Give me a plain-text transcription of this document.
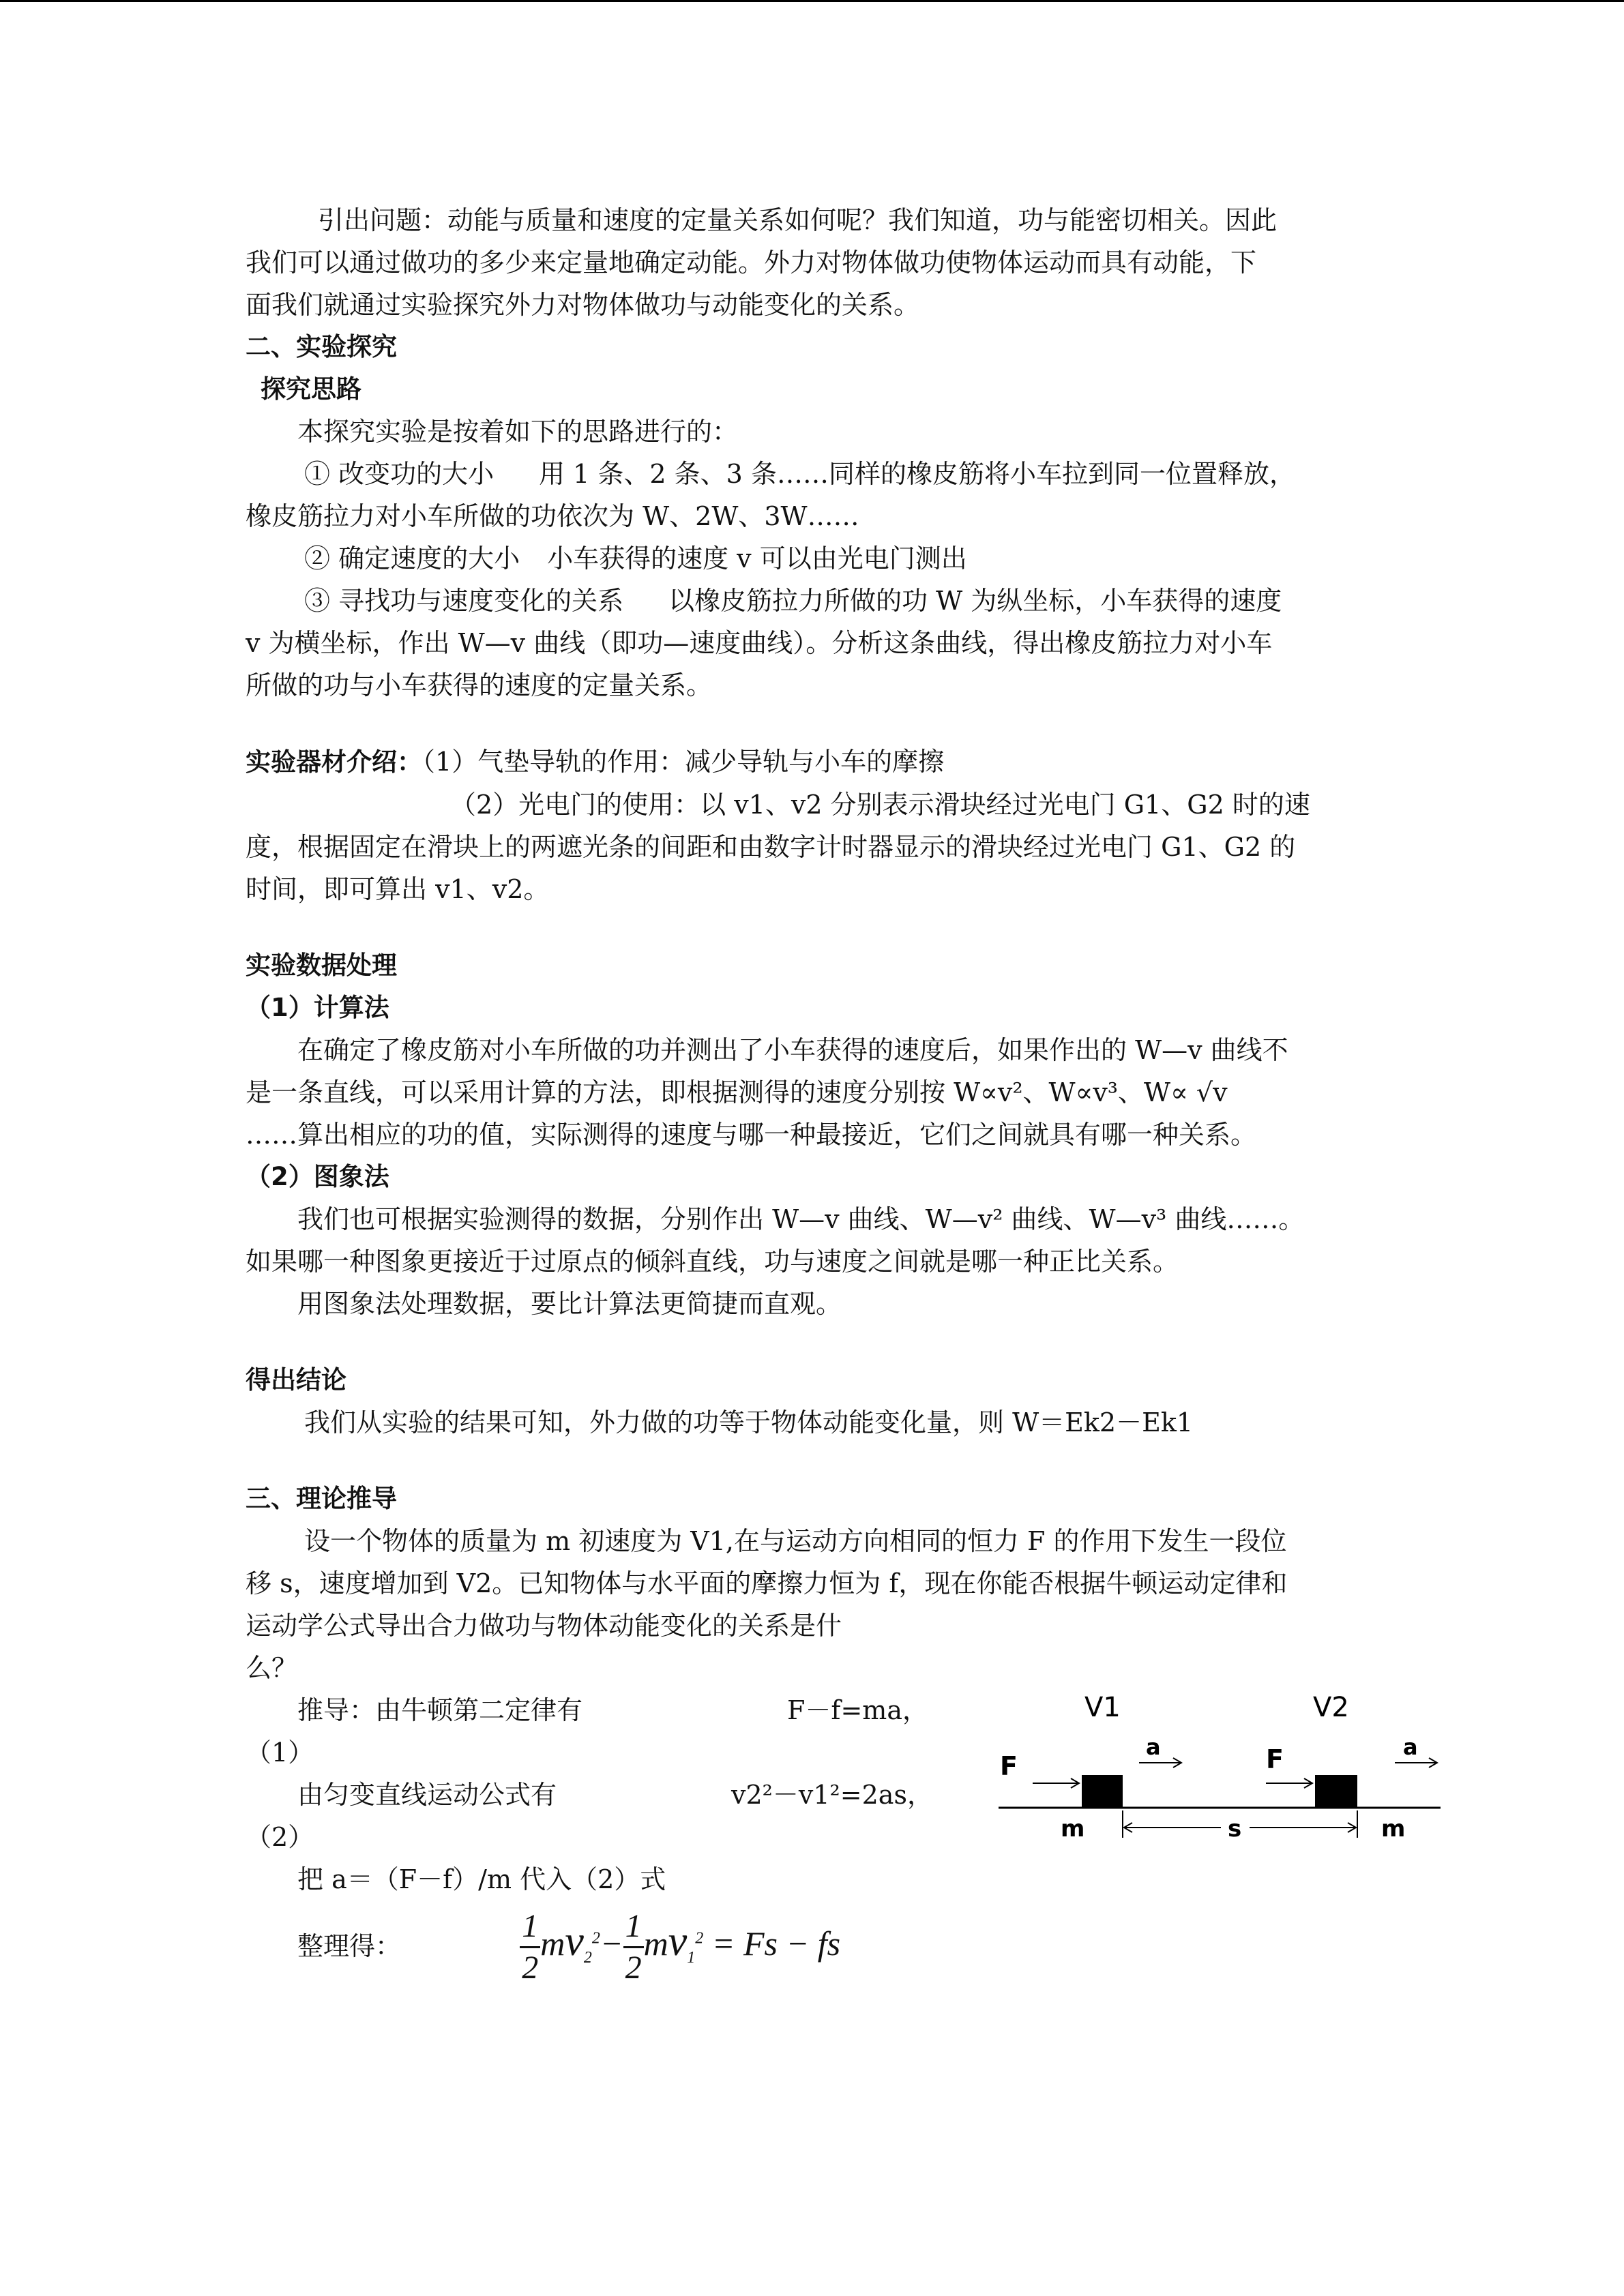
引出问题：动能与质量和速度的定量关系如何呢？我们知道，功与能密切相关。因此

我们可以通过做功的多少来定量地确定动能。外力对物体做功使物体运动而具有动能，下

面我们就通过实验探究外力对物体做功与动能变化的关系。

二、实验探究

探究思路

本探究实验是按着如下的思路进行的：

① 改变功的大小 用 1 条、2 条、3 条……同样的橡皮筋将小车拉到同一位置释放，

橡皮筋拉力对小车所做的功依次为 W、2W、3W……

② 确定速度的大小 小车获得的速度 v 可以由光电门测出

③ 寻找功与速度变化的关系 以橡皮筋拉力所做的功 W 为纵坐标，小车获得的速度

v 为横坐标，作出 W—v 曲线（即功—速度曲线）。分析这条曲线，得出橡皮筋拉力对小车

所做的功与小车获得的速度的定量关系。

实验器材介绍：（1）气垫导轨的作用：减少导轨与小车的摩擦

（2）光电门的使用：以 v1、v2 分别表示滑块经过光电门 G1、G2 时的速

度，根据固定在滑块上的两遮光条的间距和由数字计时器显示的滑块经过光电门 G1、G2 的

时间，即可算出 v1、v2。

实验数据处理

（1）计算法

在确定了橡皮筋对小车所做的功并测出了小车获得的速度后，如果作出的 W—v 曲线不

是一条直线，可以采用计算的方法，即根据测得的速度分别按 W∝v²、W∝v³、W∝ √v

……算出相应的功的值，实际测得的速度与哪一种最接近，它们之间就具有哪一种关系。

（2）图象法

我们也可根据实验测得的数据，分别作出 W—v 曲线、W—v² 曲线、W—v³ 曲线……。

如果哪一种图象更接近于过原点的倾斜直线，功与速度之间就是哪一种正比关系。

用图象法处理数据，要比计算法更简捷而直观。

得出结论

我们从实验的结果可知，外力做的功等于物体动能变化量，则 W＝Ek2－Ek1

三、理论推导

设一个物体的质量为 m 初速度为 V1,在与运动方向相同的恒力 F 的作用下发生一段位

移 s，速度增加到 V2。已知物体与水平面的摩擦力恒为 f，现在你能否根据牛顿运动定律和

运动学公式导出合力做功与物体动能变化的关系是什

么？

推导：由牛顿第二定律有	F－f=ma，

（1）

由匀变直线运动公式有	v2²－v1²=2as，

（2）

把 a＝（F－f）/m 代入（2）式

整理得：	$\frac{1}{2} mv_2^2- \frac{1}{2} mv_1^2 = Fs$ − fs

V1	V2
a	a
F	F
m	m
s
